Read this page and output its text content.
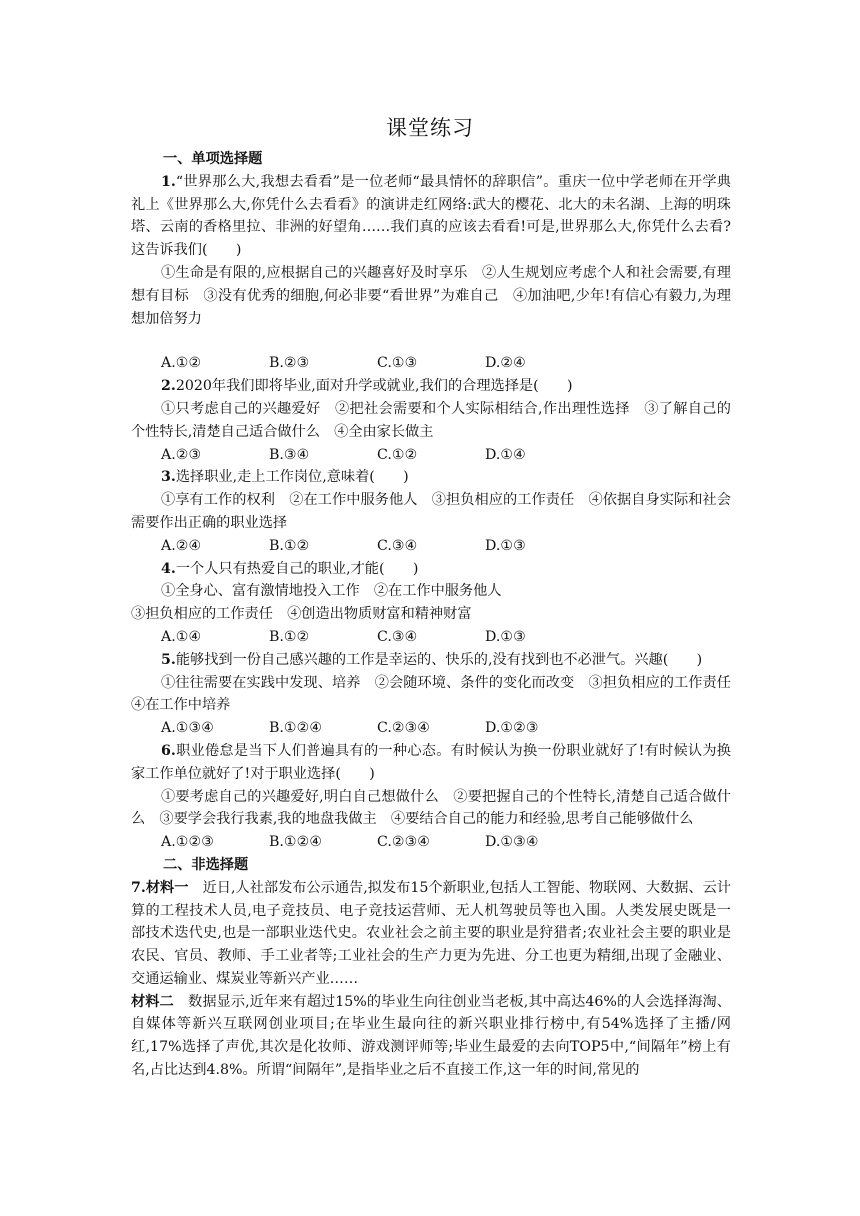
课堂练习
一、单项选择题
1.“世界那么大,我想去看看”是一位老师“最具情怀的辞职信”。重庆一位中学老师在开学典礼上《世界那么大,你凭什么去看看》的演讲走红网络:武大的樱花、北大的未名湖、上海的明珠塔、云南的香格里拉、非洲的好望角……我们真的应该去看看!可是,世界那么大,你凭什么去看?这告诉我们(　　)
①生命是有限的,应根据自己的兴趣喜好及时享乐　②人生规划应考虑个人和社会需要,有理想有目标　③没有优秀的细胞,何必非要“看世界”为难自己　④加油吧,少年!有信心有毅力,为理想加倍努力
A.①②	B.②③	C.①③	D.②④
2.2020年我们即将毕业,面对升学或就业,我们的合理选择是(　　)
①只考虑自己的兴趣爱好　②把社会需要和个人实际相结合,作出理性选择　③了解自己的个性特长,清楚自己适合做什么　④全由家长做主
A.②③	B.③④	C.①②	D.①④
3.选择职业,走上工作岗位,意味着(　　)
①享有工作的权利　②在工作中服务他人　③担负相应的工作责任　④依据自身实际和社会需要作出正确的职业选择
A.②④	B.①②	C.③④	D.①③
4.一个人只有热爱自己的职业,才能(　　)
①全身心、富有激情地投入工作　②在工作中服务他人
③担负相应的工作责任　④创造出物质财富和精神财富
A.①④	B.①②	C.③④	D.①③
5.能够找到一份自己感兴趣的工作是幸运的、快乐的,没有找到也不必泄气。兴趣(　　)
①往往需要在实践中发现、培养　②会随环境、条件的变化而改变　③担负相应的工作责任　④在工作中培养
A.①③④	B.①②④	C.②③④	D.①②③
6.职业倦怠是当下人们普遍具有的一种心态。有时候认为换一份职业就好了!有时候认为换家工作单位就好了!对于职业选择(　　)
①要考虑自己的兴趣爱好,明白自己想做什么　②要把握自己的个性特长,清楚自己适合做什么　③要学会我行我素,我的地盘我做主　④要结合自己的能力和经验,思考自己能够做什么
A.①②③	B.①②④	C.②③④	D.①③④
二、非选择题
7.材料一　近日,人社部发布公示通告,拟发布15个新职业,包括人工智能、物联网、大数据、云计算的工程技术人员,电子竞技员、电子竞技运营师、无人机驾驶员等也入围。人类发展史既是一部技术迭代史,也是一部职业迭代史。农业社会之前主要的职业是狩猎者;农业社会主要的职业是农民、官员、教师、手工业者等;工业社会的生产力更为先进、分工也更为精细,出现了金融业、交通运输业、煤炭业等新兴产业……
材料二　数据显示,近年来有超过15%的毕业生向往创业当老板,其中高达46%的人会选择海淘、自媒体等新兴互联网创业项目;在毕业生最向往的新兴职业排行榜中,有54%选择了主播/网红,17%选择了声优,其次是化妆师、游戏测评师等;毕业生最爱的去向TOP5中,“间隔年”榜上有名,占比达到4.8%。所谓“间隔年”,是指毕业之后不直接工作,这一年的时间,常见的
